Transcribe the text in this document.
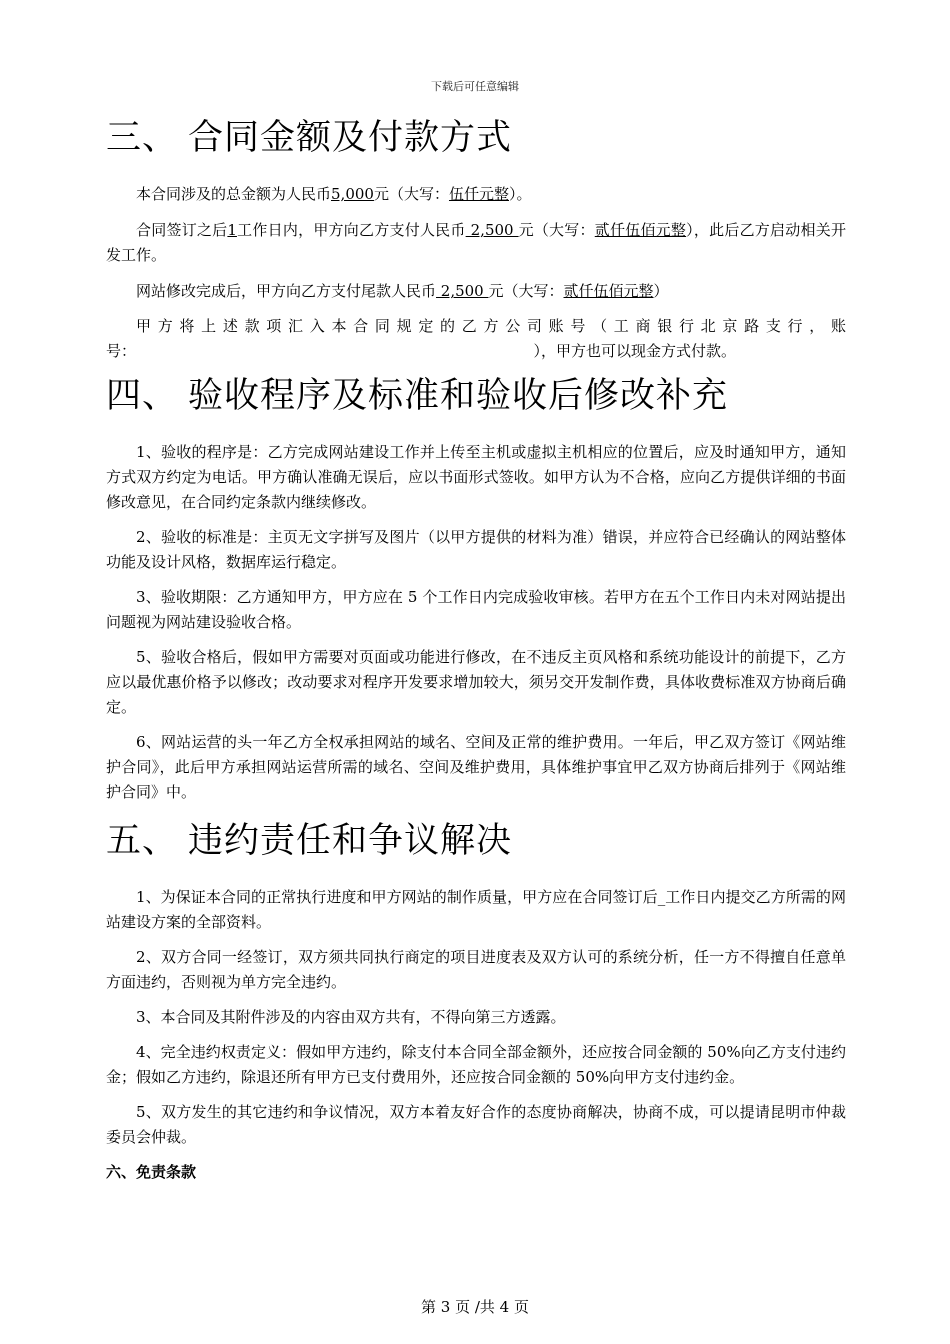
下载后可任意编辑
三、 合同金额及付款方式

本合同涉及的总金额为人民币5,000元（大写：伍仟元整）。

合同签订之后1工作日内，甲方向乙方支付人民币 2,500 元（大写：贰仟伍佰元整），此后乙方启动相关开发工作。

网站修改完成后，甲方向乙方支付尾款人民币 2,500 元（大写：贰仟伍佰元整）

甲方将上述款项汇入本合同规定的乙方公司账号（工商银行北京路支行，账号：　　　　　　　　　　　　　　　　　　　　　　　　　　　），甲方也可以现金方式付款。

四、 验收程序及标准和验收后修改补充

1、验收的程序是：乙方完成网站建设工作并上传至主机或虚拟主机相应的位置后，应及时通知甲方，通知方式双方约定为电话。甲方确认准确无误后，应以书面形式签收。如甲方认为不合格，应向乙方提供详细的书面修改意见，在合同约定条款内继续修改。

2、验收的标准是：主页无文字拼写及图片（以甲方提供的材料为准）错误，并应符合已经确认的网站整体功能及设计风格，数据库运行稳定。

3、验收期限：乙方通知甲方，甲方应在 5 个工作日内完成验收审核。若甲方在五个工作日内未对网站提出问题视为网站建设验收合格。

5、验收合格后，假如甲方需要对页面或功能进行修改，在不违反主页风格和系统功能设计的前提下，乙方应以最优惠价格予以修改；改动要求对程序开发要求增加较大，须另交开发制作费，具体收费标准双方协商后确定。

6、网站运营的头一年乙方全权承担网站的域名、空间及正常的维护费用。一年后，甲乙双方签订《网站维护合同》，此后甲方承担网站运营所需的域名、空间及维护费用，具体维护事宜甲乙双方协商后排列于《网站维护合同》中。

五、 违约责任和争议解决

1、为保证本合同的正常执行进度和甲方网站的制作质量，甲方应在合同签订后_工作日内提交乙方所需的网站建设方案的全部资料。

2、双方合同一经签订，双方须共同执行商定的项目进度表及双方认可的系统分析，任一方不得擅自任意单方面违约，否则视为单方完全违约。

3、本合同及其附件涉及的内容由双方共有，不得向第三方透露。

4、完全违约权责定义：假如甲方违约，除支付本合同全部金额外，还应按合同金额的 50%向乙方支付违约金；假如乙方违约，除退还所有甲方已支付费用外，还应按合同金额的 50%向甲方支付违约金。

5、双方发生的其它违约和争议情况，双方本着友好合作的态度协商解决，协商不成，可以提请昆明市仲裁委员会仲裁。

六、免责条款

第 3 页 /共 4 页
